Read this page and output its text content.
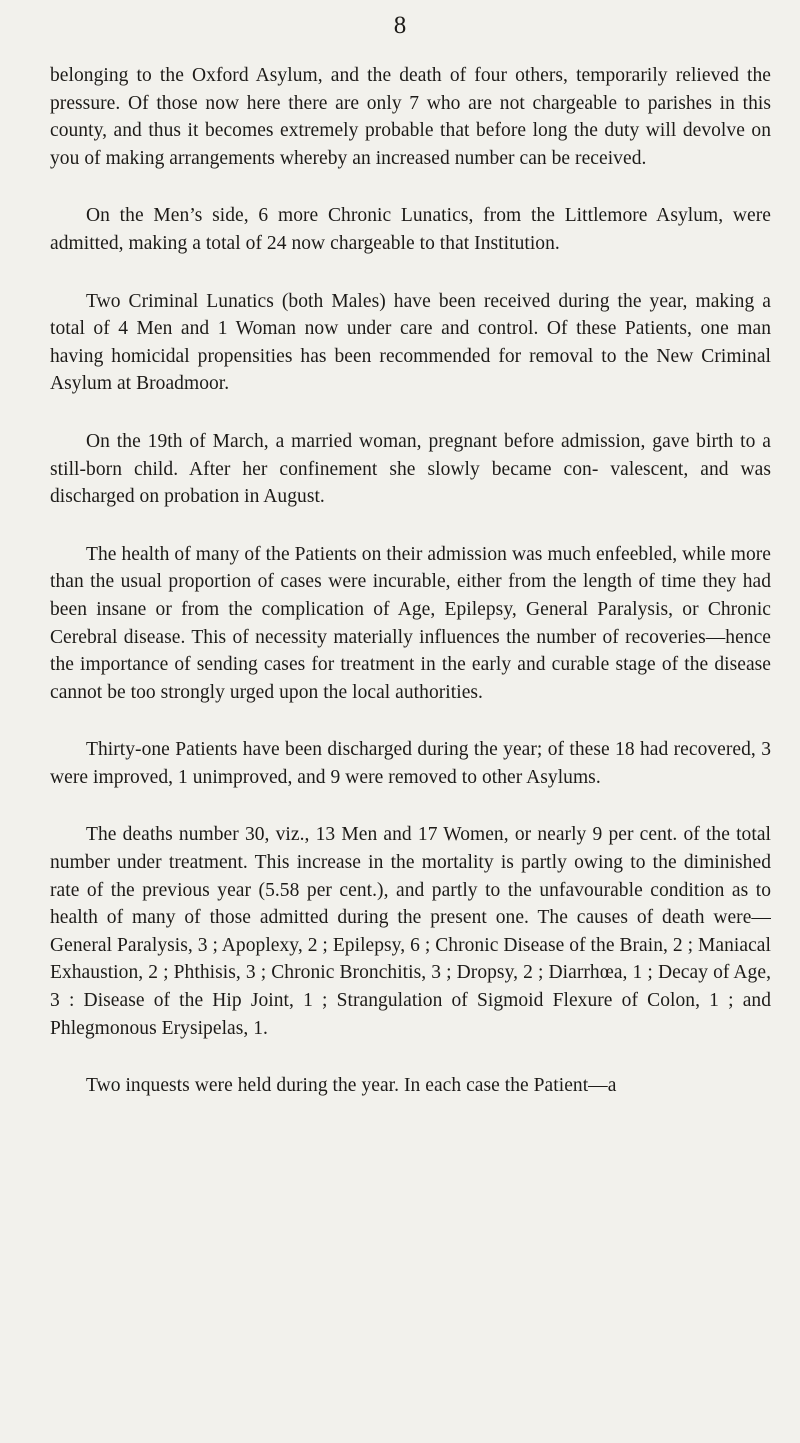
8

belonging to the Oxford Asylum, and the death of four others, temporarily relieved the pressure. Of those now here there are only 7 who are not chargeable to parishes in this county, and thus it becomes extremely probable that before long the duty will devolve on you of making arrangements whereby an increased number can be received.

On the Men’s side, 6 more Chronic Lunatics, from the Littlemore Asylum, were admitted, making a total of 24 now chargeable to that Institution.

Two Criminal Lunatics (both Males) have been received during the year, making a total of 4 Men and 1 Woman now under care and control. Of these Patients, one man having homicidal propensities has been recommended for removal to the New Criminal Asylum at Broadmoor.

On the 19th of March, a married woman, pregnant before admission, gave birth to a still-born child. After her confinement she slowly became con- valescent, and was discharged on probation in August.

The health of many of the Patients on their admission was much enfeebled, while more than the usual proportion of cases were incurable, either from the length of time they had been insane or from the complication of Age, Epilepsy, General Paralysis, or Chronic Cerebral disease. This of necessity materially influences the number of recoveries—hence the importance of sending cases for treatment in the early and curable stage of the disease cannot be too strongly urged upon the local authorities.

Thirty-one Patients have been discharged during the year; of these 18 had recovered, 3 were improved, 1 unimproved, and 9 were removed to other Asylums.

The deaths number 30, viz., 13 Men and 17 Women, or nearly 9 per cent. of the total number under treatment. This increase in the mortality is partly owing to the diminished rate of the previous year (5.58 per cent.), and partly to the unfavourable condition as to health of many of those admitted during the present one. The causes of death were—General Paralysis, 3 ; Apoplexy, 2 ; Epilepsy, 6 ; Chronic Disease of the Brain, 2 ; Maniacal Exhaustion, 2 ; Phthisis, 3 ; Chronic Bronchitis, 3 ; Dropsy, 2 ; Diarrhœa, 1 ; Decay of Age, 3 : Disease of the Hip Joint, 1 ; Strangulation of Sigmoid Flexure of Colon, 1 ; and Phlegmonous Erysipelas, 1.

Two inquests were held during the year. In each case the Patient—a
